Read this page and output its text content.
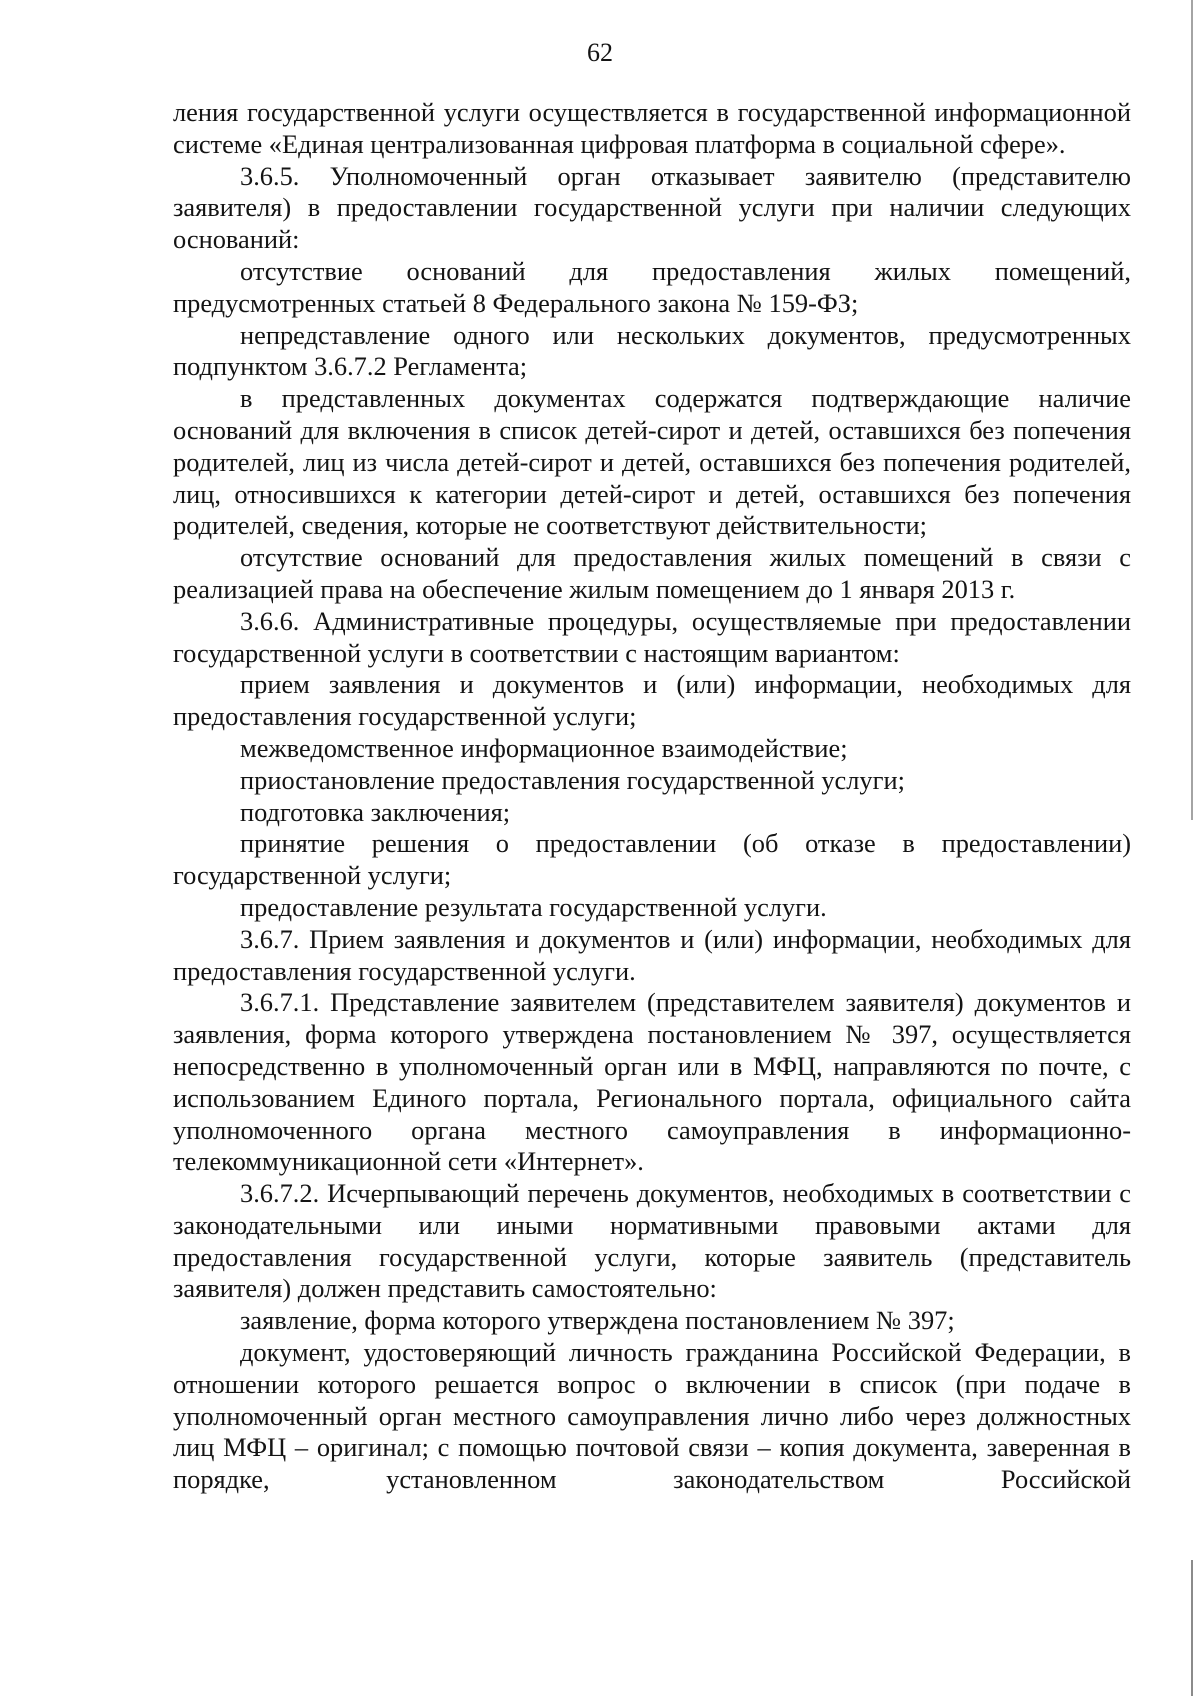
62

ления государственной услуги осуществляется в государственной информационной системе «Единая централизованная цифровая платформа в социальной сфере».

3.6.5. Уполномоченный орган отказывает заявителю (представителю заявителя) в предоставлении государственной услуги при наличии следующих оснований:

отсутствие оснований для предоставления жилых помещений, предусмотренных статьей 8 Федерального закона № 159-ФЗ;

непредставление одного или нескольких документов, предусмотренных подпунктом 3.6.7.2 Регламента;

в представленных документах содержатся подтверждающие наличие оснований для включения в список детей-сирот и детей, оставшихся без попечения родителей, лиц из числа детей-сирот и детей, оставшихся без попечения родителей, лиц, относившихся к категории детей-сирот и детей, оставшихся без попечения родителей, сведения, которые не соответствуют действительности;

отсутствие оснований для предоставления жилых помещений в связи с реализацией права на обеспечение жилым помещением до 1 января 2013 г.

3.6.6. Административные процедуры, осуществляемые при предоставлении государственной услуги в соответствии с настоящим вариантом:

прием заявления и документов и (или) информации, необходимых для предоставления государственной услуги;

межведомственное информационное взаимодействие;

приостановление предоставления государственной услуги;

подготовка заключения;

принятие решения о предоставлении (об отказе в предоставлении) государственной услуги;

предоставление результата государственной услуги.

3.6.7. Прием заявления и документов и (или) информации, необходимых для предоставления государственной услуги.

3.6.7.1. Представление заявителем (представителем заявителя) документов и заявления, форма которого утверждена постановлением № 397, осуществляется непосредственно в уполномоченный орган или в МФЦ, направляются по почте, с использованием Единого портала, Регионального портала, официального сайта уполномоченного органа местного самоуправления в информационно-телекоммуникационной сети «Интернет».

3.6.7.2. Исчерпывающий перечень документов, необходимых в соответствии с законодательными или иными нормативными правовыми актами для предоставления государственной услуги, которые заявитель (представитель заявителя) должен представить самостоятельно:

заявление, форма которого утверждена постановлением № 397;

документ, удостоверяющий личность гражданина Российской Федерации, в отношении которого решается вопрос о включении в список (при подаче в уполномоченный орган местного самоуправления лично либо через должностных лиц МФЦ – оригинал; с помощью почтовой связи – копия документа, заверенная в порядке, установленном законодательством Российской
